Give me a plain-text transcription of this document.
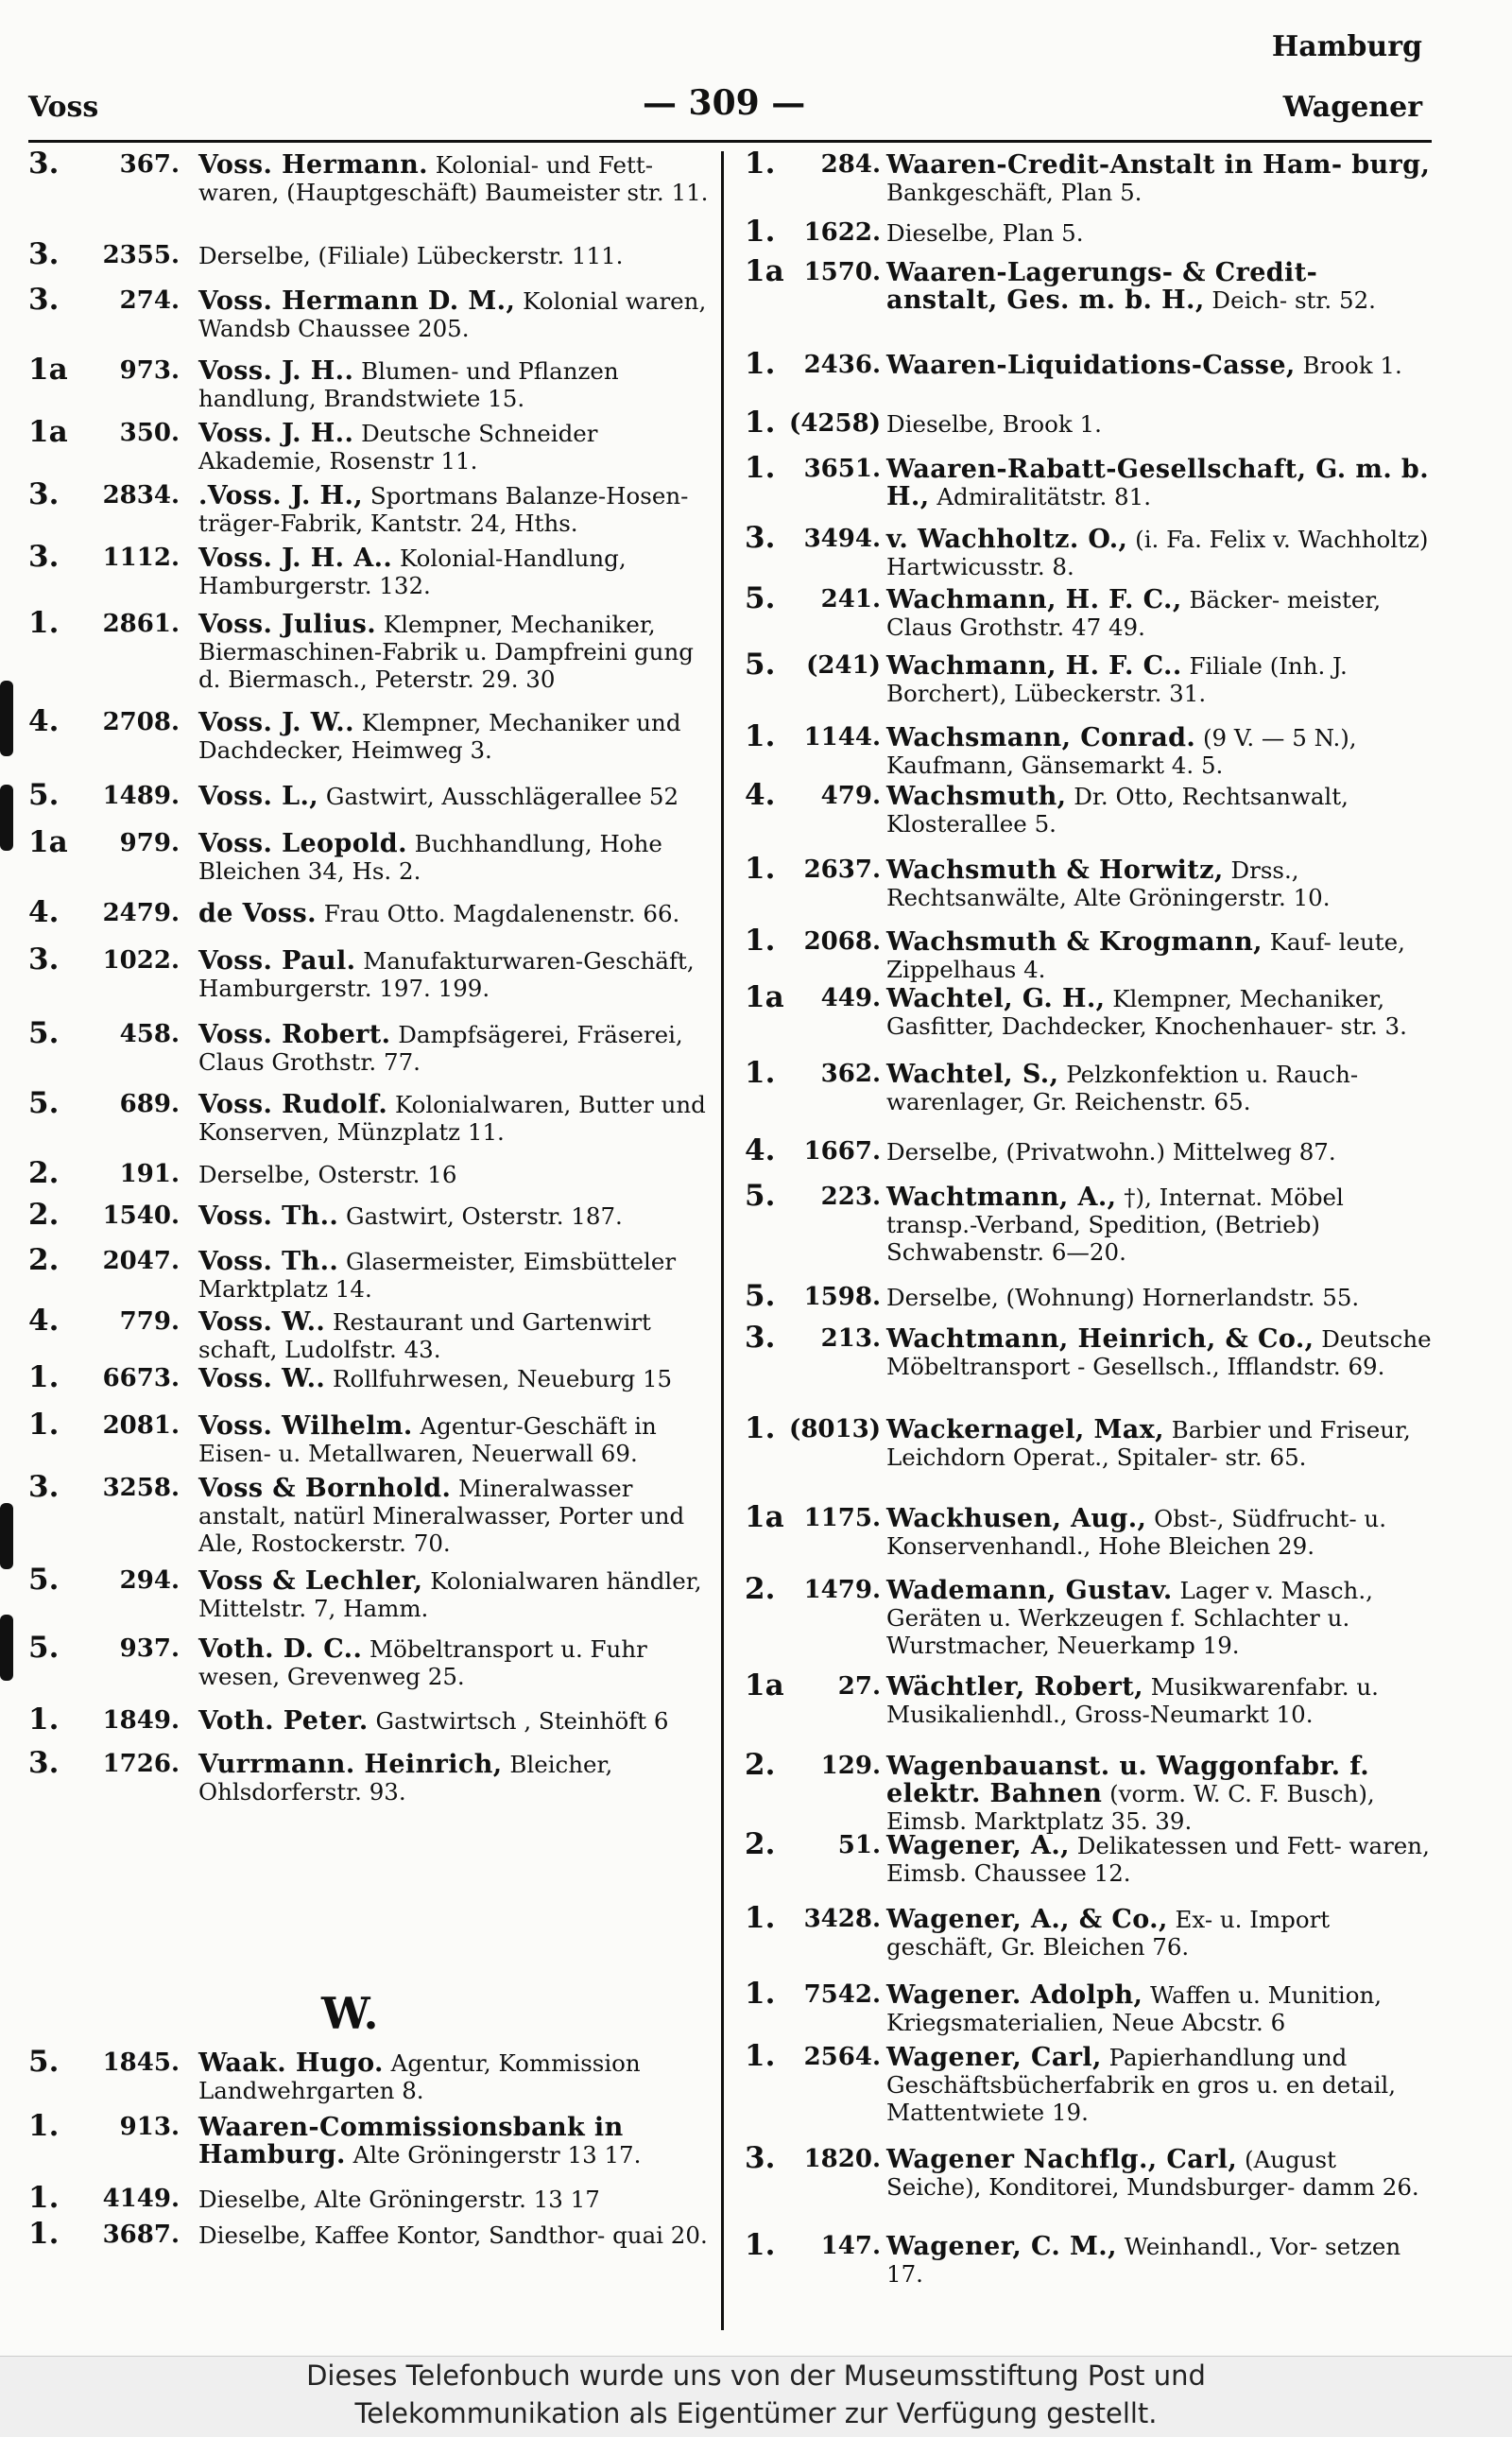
Hamburg
Voss	— 309 —	Wagener
3.	367. Voss. Hermann. Kolonial- und Fett- waren, (Hauptgeschäft) Baumeister str. 11.
3.	2355. Derselbe, (Filiale) Lübeckerstr. 111.
3.	274. Voss. Hermann D. M., Kolonial waren, Wandsb Chaussee 205.
1a	973. Voss. J. H.. Blumen- und Pflanzen handlung, Brandstwiete 15.
1a	350. Voss. J. H.. Deutsche Schneider Akademie, Rosenstr 11.
3.	2834. .Voss. J. H., Sportmans Balanze-Hosen- träger-Fabrik, Kantstr. 24, Hths.
3.	1112. Voss. J. H. A.. Kolonial-Handlung, Hamburgerstr. 132.
1.	2861. Voss. Julius. Klempner, Mechaniker, Biermaschinen-Fabrik u. Dampfreini gung d. Biermasch., Peterstr. 29. 30
4.	2708. Voss. J. W.. Klempner, Mechaniker und Dachdecker, Heimweg 3.
5.	1489. Voss. L., Gastwirt, Ausschlägerallee 52
1a	979. Voss. Leopold. Buchhandlung, Hohe Bleichen 34, Hs. 2.
4.	2479. de Voss. Frau Otto. Magdalenenstr. 66.
3.	1022. Voss. Paul. Manufakturwaren-Geschäft, Hamburgerstr. 197. 199.
5.	458. Voss. Robert. Dampfsägerei, Fräserei, Claus Grothstr. 77.
5.	689. Voss. Rudolf. Kolonialwaren, Butter und Konserven, Münzplatz 11.
2.	191. Derselbe, Osterstr. 16
2.	1540. Voss. Th.. Gastwirt, Osterstr. 187.
2.	2047. Voss. Th.. Glasermeister, Eimsbütteler Marktplatz 14.
4.	779. Voss. W.. Restaurant und Gartenwirt schaft, Ludolfstr. 43.
1.	6673. Voss. W.. Rollfuhrwesen, Neueburg 15
1.	2081. Voss. Wilhelm. Agentur-Geschäft in Eisen- u. Metallwaren, Neuerwall 69.
3.	3258. Voss & Bornhold. Mineralwasser anstalt, natürl Mineralwasser, Porter und Ale, Rostockerstr. 70.
5.	294. Voss & Lechler, Kolonialwaren händler, Mittelstr. 7, Hamm.
5.	937. Voth. D. C.. Möbeltransport u. Fuhr wesen, Grevenweg 25.
1.	1849. Voth. Peter. Gastwirtsch , Steinhöft 6
3.	1726. Vurrmann. Heinrich, Bleicher, Ohlsdorferstr. 93.
5.	1845. Waak. Hugo. Agentur, Kommission Landwehrgarten 8.
1.	913. Waaren-Commissionsbank in Hamburg. Alte Gröningerstr 13 17.
1.	4149. Dieselbe, Alte Gröningerstr. 13 17
1.	3687. Dieselbe, Kaffee Kontor, Sandthor- quai 20.
W.
1.	284. Waaren-Credit-Anstalt in Ham- burg, Bankgeschäft, Plan 5.
1.	1622. Dieselbe, Plan 5.
1a 1570. Waaren-Lagerungs- & Credit- anstalt, Ges. m. b. H., Deich- str. 52.
1.	2436. Waaren-Liquidations-Casse, Brook 1.
1. (4258) Dieselbe, Brook 1.
1.	3651. Waaren-Rabatt-Gesellschaft, G. m. b. H., Admiralitätstr. 81.
3.	3494. v. Wachholtz. O., (i. Fa. Felix v. Wachholtz) Hartwicusstr. 8.
5.	241. Wachmann, H. F. C., Bäcker- meister, Claus Grothstr. 47 49.
5.	(241) Wachmann, H. F. C.. Filiale (Inh. J. Borchert), Lübeckerstr. 31.
1.	1144. Wachsmann, Conrad. (9 V. — 5 N.), Kaufmann, Gänsemarkt 4. 5.
4.	479. Wachsmuth, Dr. Otto, Rechtsanwalt, Klosterallee 5.
1.	2637. Wachsmuth & Horwitz, Drss., Rechtsanwälte, Alte Gröningerstr. 10.
1.	2068. Wachsmuth & Krogmann, Kauf- leute, Zippelhaus 4.
1a	449. Wachtel, G. H., Klempner, Mechaniker, Gasfitter, Dachdecker, Knochenhauer- str. 3.
1.	362. Wachtel, S., Pelzkonfektion u. Rauch- warenlager, Gr. Reichenstr. 65.
4.	1667. Derselbe, (Privatwohn.) Mittelweg 87.
5.	223. Wachtmann, A., †), Internat. Möbel transp.-Verband, Spedition, (Betrieb) Schwabenstr. 6—20.
5.	1598. Derselbe, (Wohnung) Hornerlandstr. 55.
3.	213. Wachtmann, Heinrich, & Co., Deutsche Möbeltransport - Gesellsch., Ifflandstr. 69.
1. (8013) Wackernagel, Max, Barbier und Friseur, Leichdorn Operat., Spitaler- str. 65.
1a 1175. Wackhusen, Aug., Obst-, Südfrucht- u. Konservenhandl., Hohe Bleichen 29.
2.	1479. Wademann, Gustav. Lager v. Masch., Geräten u. Werkzeugen f. Schlachter u. Wurstmacher, Neuerkamp 19.
1a	27. Wächtler, Robert, Musikwarenfabr. u. Musikalienhdl., Gross-Neumarkt 10.
2.	129. Wagenbauanst. u. Waggonfabr. f. elektr. Bahnen (vorm. W. C. F. Busch), Eimsb. Marktplatz 35. 39.
2.	51. Wagener, A., Delikatessen und Fett- waren, Eimsb. Chaussee 12.
1.	3428. Wagener, A., & Co., Ex- u. Import geschäft, Gr. Bleichen 76.
1.	7542. Wagener. Adolph, Waffen u. Munition, Kriegsmaterialien, Neue Abcstr. 6
1.	2564. Wagener, Carl, Papierhandlung und Geschäftsbücherfabrik en gros u. en detail, Mattentwiete 19.
3.	1820. Wagener Nachflg., Carl, (August Seiche), Konditorei, Mundsburger- damm 26.
1.	147. Wagener, C. M., Weinhandl., Vor- setzen 17.
Dieses Telefonbuch wurde uns von der Museumsstiftung Post und
Telekommunikation als Eigentümer zur Verfügung gestellt.
